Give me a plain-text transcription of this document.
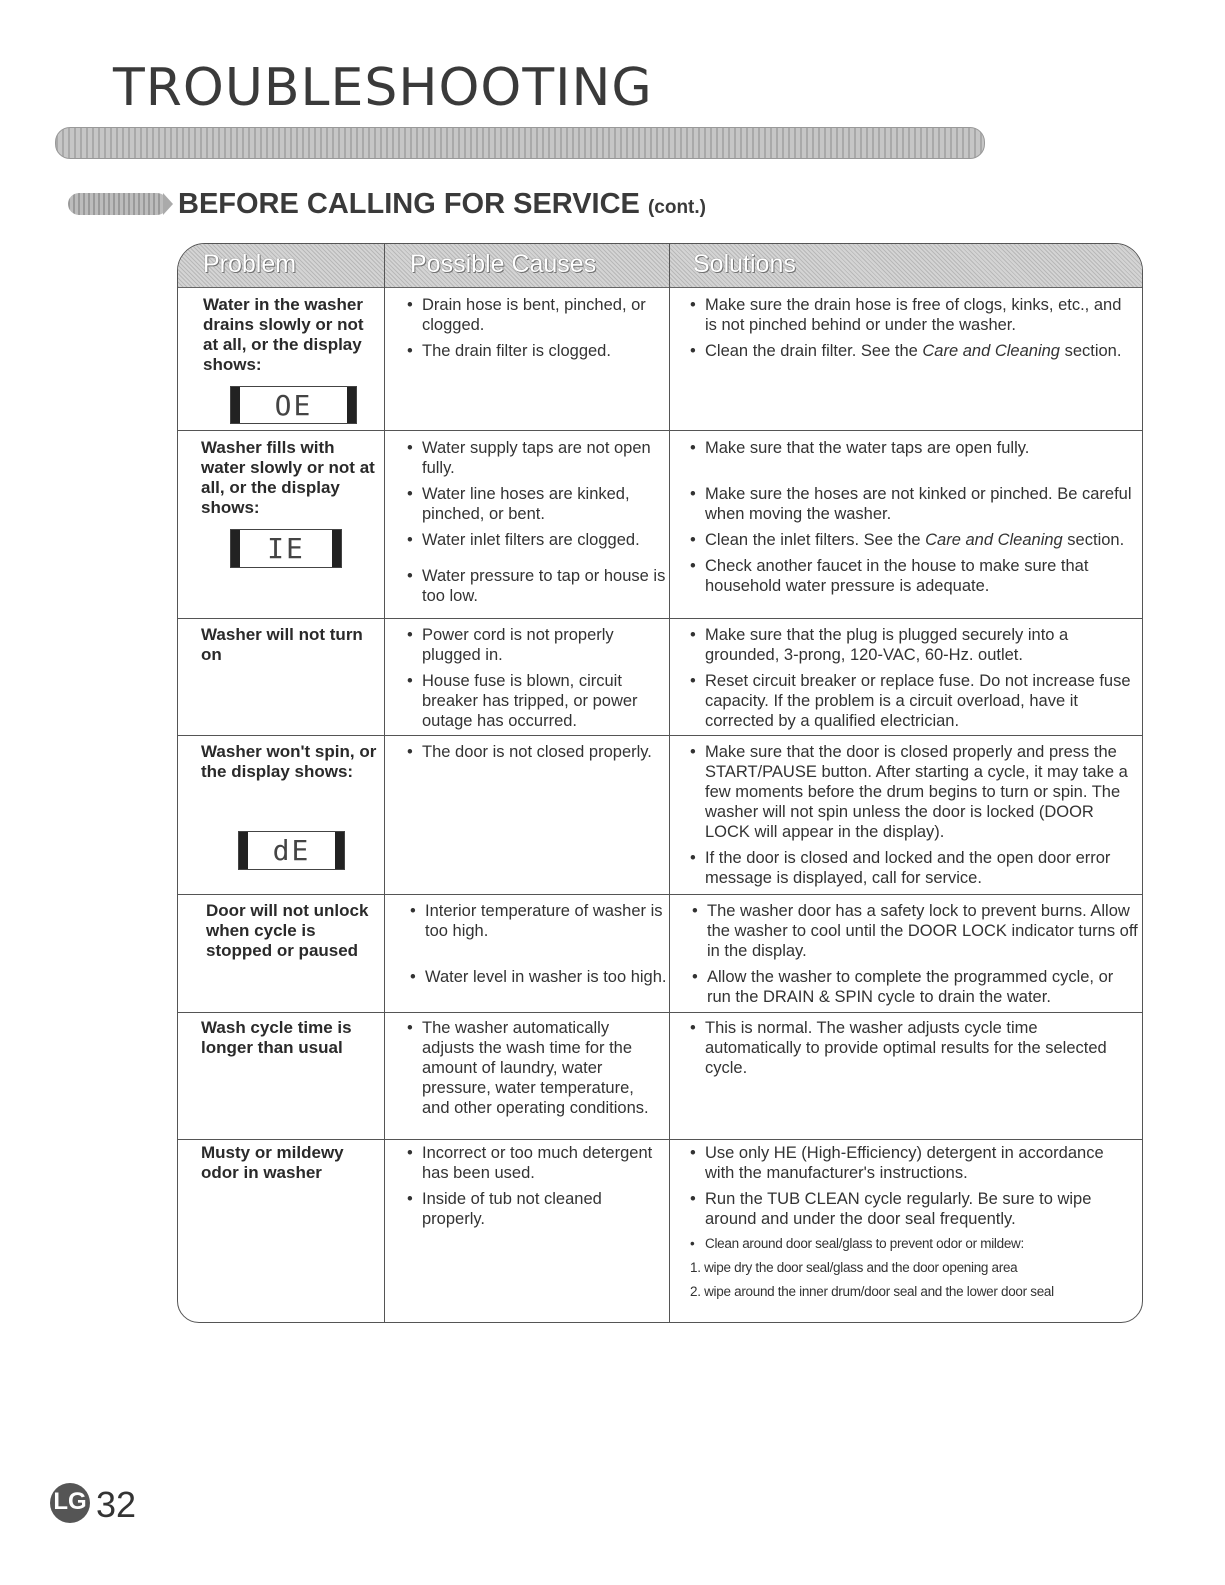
TROUBLESHOOTING
BEFORE CALLING FOR SERVICE (cont.)
Problem	Possible Causes	Solutions
Water in the washer drains slowly or not at all, or the display shows:
OE
• Drain hose is bent, pinched, or clogged.
• The drain filter is clogged.
• Make sure the drain hose is free of clogs, kinks, etc., and is not pinched behind or under the washer.
• Clean the drain filter. See the Care and Cleaning section.
Washer fills with water slowly or not at all, or the display shows:
IE
• Water supply taps are not open fully.
• Water line hoses are kinked, pinched, or bent.
• Water inlet filters are clogged.
• Water pressure to tap or house is too low.
• Make sure that the water taps are open fully.
• Make sure the hoses are not kinked or pinched. Be careful when moving the washer.
• Clean the inlet filters. See the Care and Cleaning section.
• Check another faucet in the house to make sure that household water pressure is adequate.
Washer will not turn on
• Power cord is not properly plugged in.
• House fuse is blown, circuit breaker has tripped, or power outage has occurred.
• Make sure that the plug is plugged securely into a grounded, 3-prong, 120-VAC, 60-Hz. outlet.
• Reset circuit breaker or replace fuse. Do not increase fuse capacity. If the problem is a circuit overload, have it corrected by a qualified electrician.
Washer won't spin, or the display shows:
dE
• The door is not closed properly.
•	Make sure that the door is closed properly and press the START/PAUSE button. After starting a cycle, it may take a few moments before the drum begins to turn or spin. The washer will not spin unless the door is locked (DOOR LOCK will appear in the display).
• If the door is closed and locked and the open door error message is displayed, call for service.
Door will not unlock when cycle is stopped or paused
• Interior temperature of washer is too high.
• Water level in washer is too high.
• The washer door has a safety lock to prevent burns. Allow the washer to cool until the DOOR LOCK indicator turns off in the display.
• Allow the washer to complete the programmed cycle, or run the DRAIN & SPIN cycle to drain the water.
Wash cycle time is longer than usual
• The washer automatically adjusts the wash time for the amount of laundry, water pressure, water temperature, and other operating conditions.
• This is normal. The washer adjusts cycle time automatically to provide optimal results for the selected cycle.
Musty or mildewy odor in washer
• Incorrect or too much detergent has been used.
• Inside of tub not cleaned properly.
• Use only HE (High-Efficiency) detergent in accordance with the manufacturer's instructions.
• Run the TUB CLEAN cycle regularly. Be sure to wipe around and under the door seal frequently.
• Clean around door seal/glass to prevent odor or mildew:
1. wipe dry the door seal/glass and the door opening area
2. wipe around the inner drum/door seal and the lower door seal
LG 32
